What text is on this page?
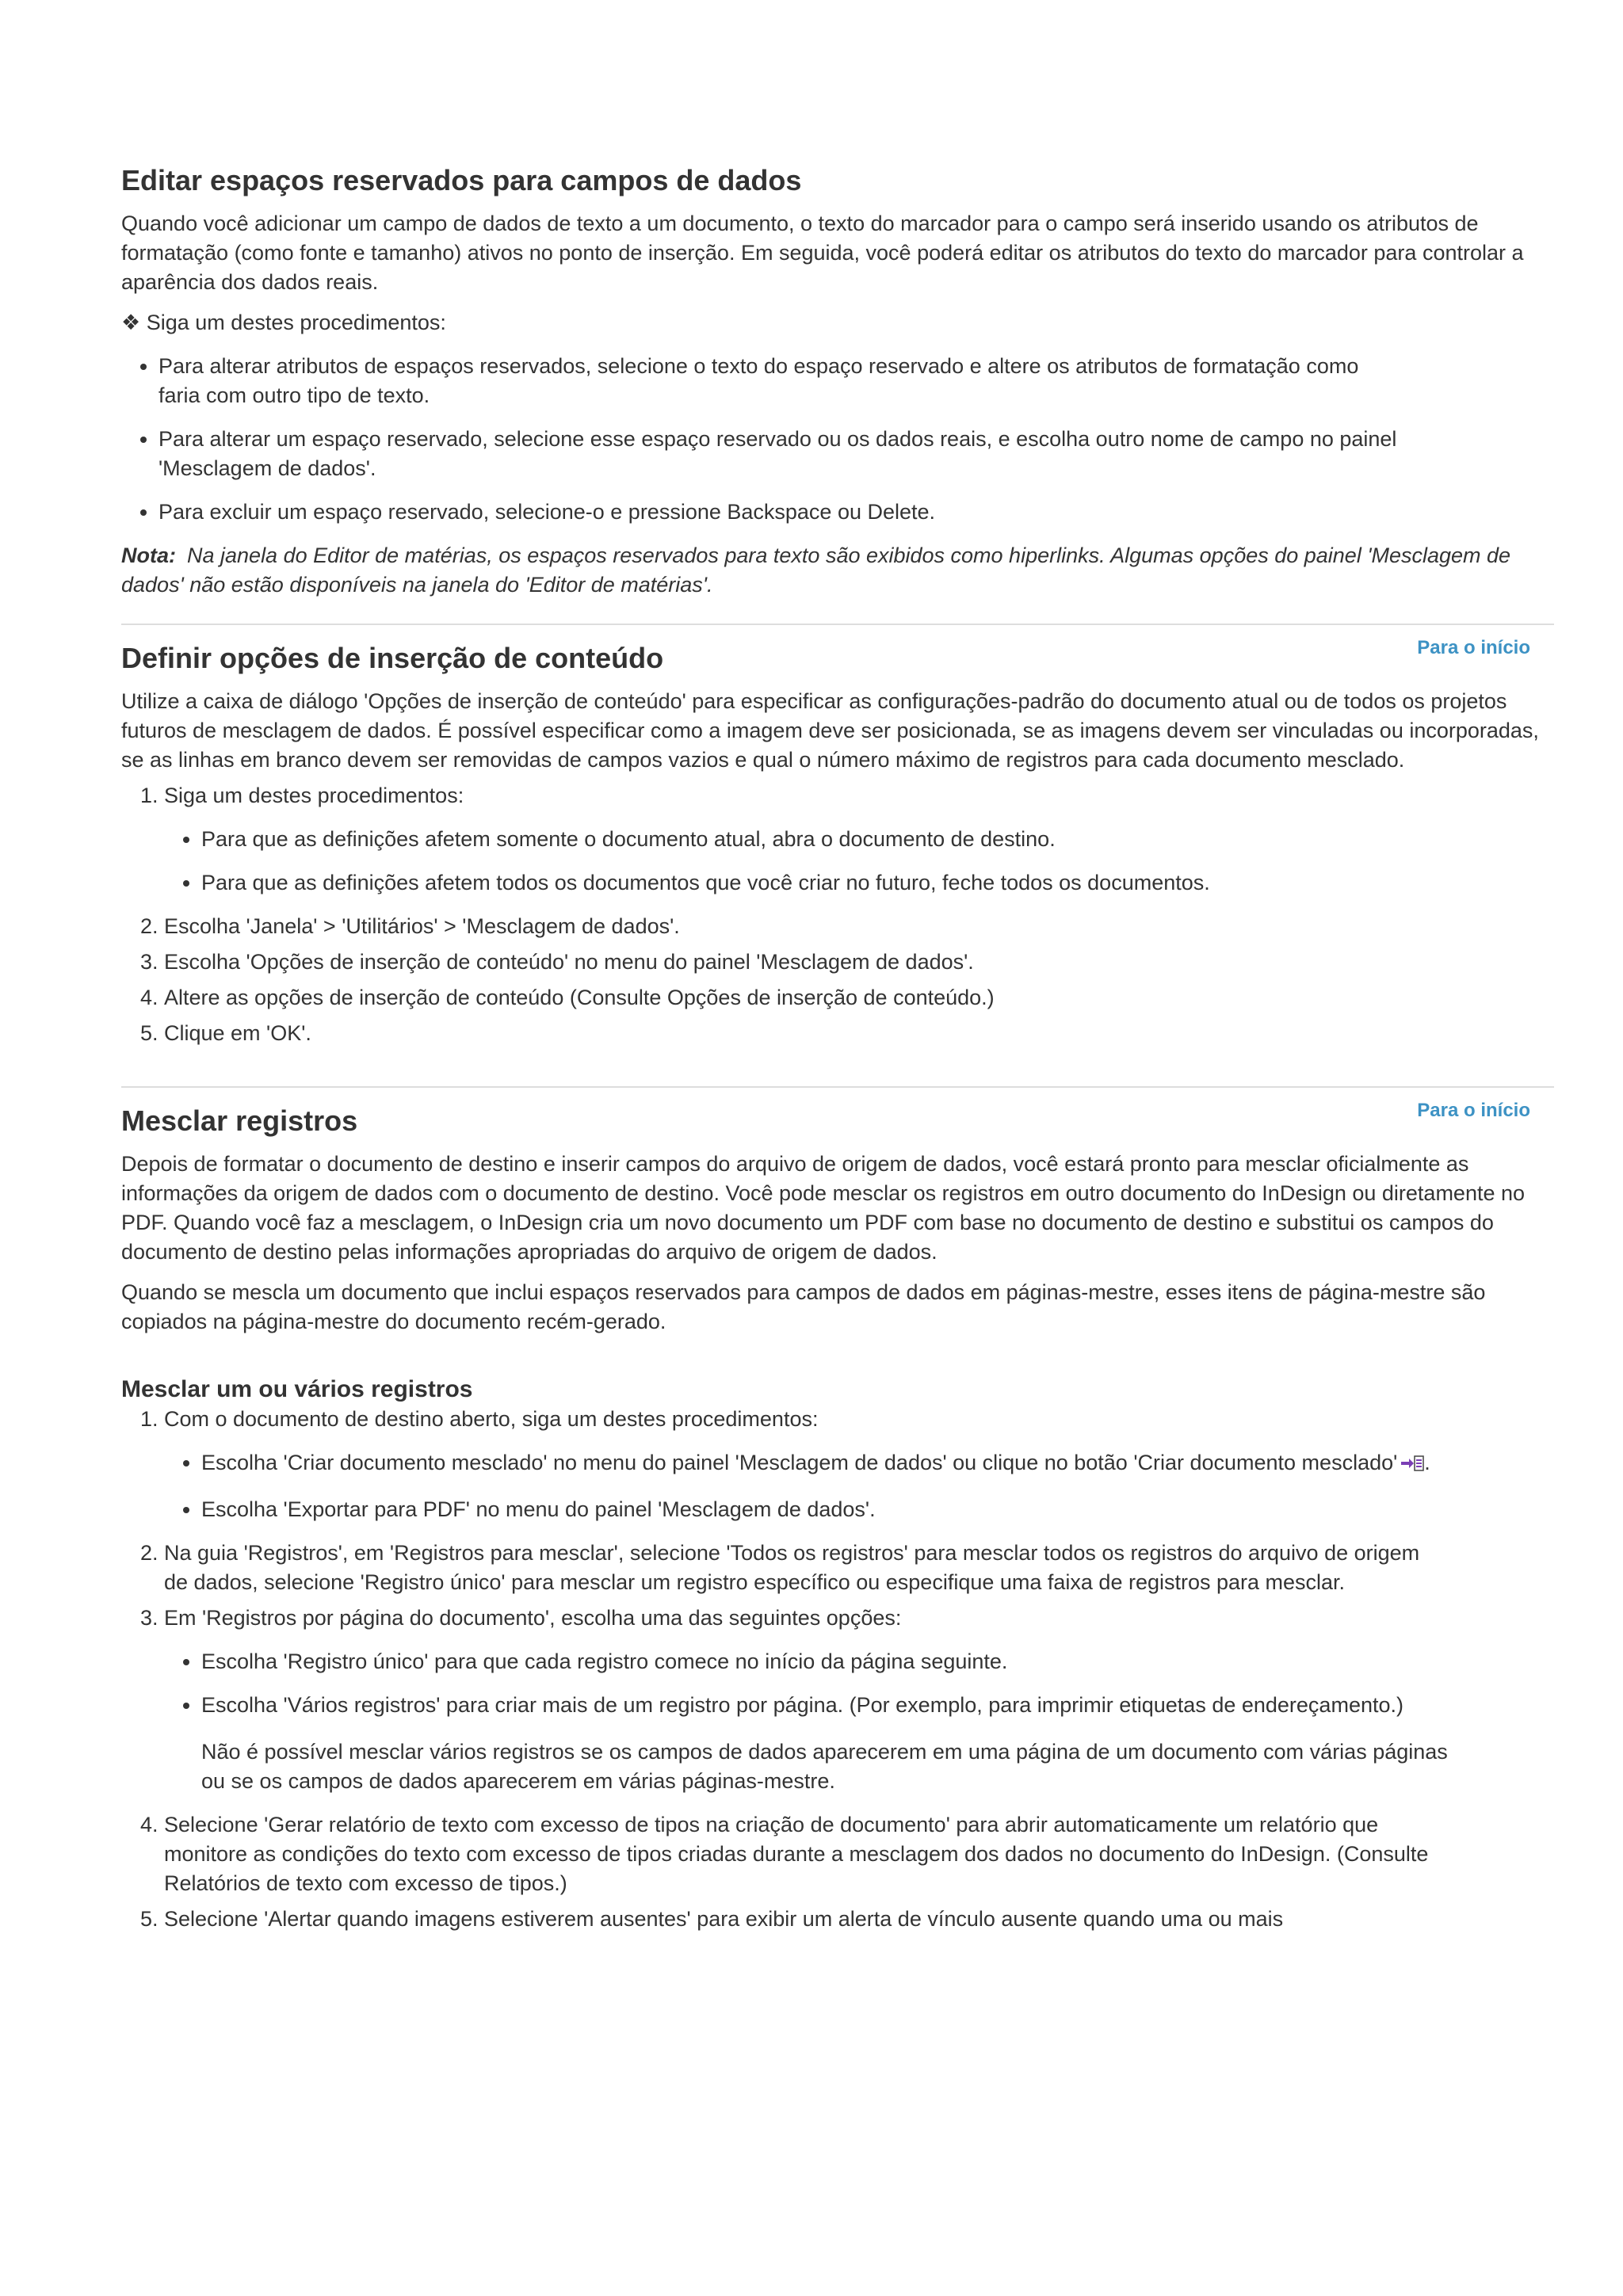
Editar espaços reservados para campos de dados

Quando você adicionar um campo de dados de texto a um documento, o texto do marcador para o campo será inserido usando os atributos de formatação (como fonte e tamanho) ativos no ponto de inserção. Em seguida, você poderá editar os atributos do texto do marcador para controlar a aparência dos dados reais.

❖ Siga um destes procedimentos:

• Para alterar atributos de espaços reservados, selecione o texto do espaço reservado e altere os atributos de formatação como faria com outro tipo de texto.
• Para alterar um espaço reservado, selecione esse espaço reservado ou os dados reais, e escolha outro nome de campo no painel 'Mesclagem de dados'.
• Para excluir um espaço reservado, selecione-o e pressione Backspace ou Delete.

Nota: Na janela do Editor de matérias, os espaços reservados para texto são exibidos como hiperlinks. Algumas opções do painel 'Mesclagem de dados' não estão disponíveis na janela do 'Editor de matérias'.

Para o início
Definir opções de inserção de conteúdo

Utilize a caixa de diálogo 'Opções de inserção de conteúdo' para especificar as configurações-padrão do documento atual ou de todos os projetos futuros de mesclagem de dados. É possível especificar como a imagem deve ser posicionada, se as imagens devem ser vinculadas ou incorporadas, se as linhas em branco devem ser removidas de campos vazios e qual o número máximo de registros para cada documento mesclado.

1. Siga um destes procedimentos:
• Para que as definições afetem somente o documento atual, abra o documento de destino.
• Para que as definições afetem todos os documentos que você criar no futuro, feche todos os documentos.
2. Escolha 'Janela' > 'Utilitários' > 'Mesclagem de dados'.
3. Escolha 'Opções de inserção de conteúdo' no menu do painel 'Mesclagem de dados'.
4. Altere as opções de inserção de conteúdo (Consulte Opções de inserção de conteúdo.)
5. Clique em 'OK'.
Para o início
Mesclar registros

Depois de formatar o documento de destino e inserir campos do arquivo de origem de dados, você estará pronto para mesclar oficialmente as informações da origem de dados com o documento de destino. Você pode mesclar os registros em outro documento do InDesign ou diretamente no PDF. Quando você faz a mesclagem, o InDesign cria um novo documento um PDF com base no documento de destino e substitui os campos do documento de destino pelas informações apropriadas do arquivo de origem de dados.

Quando se mescla um documento que inclui espaços reservados para campos de dados em páginas-mestre, esses itens de página-mestre são copiados na página-mestre do documento recém-gerado.

Mesclar um ou vários registros
1. Com o documento de destino aberto, siga um destes procedimentos:
• Escolha 'Criar documento mesclado' no menu do painel 'Mesclagem de dados' ou clique no botão 'Criar documento mesclado' .
• Escolha 'Exportar para PDF' no menu do painel 'Mesclagem de dados'.
2. Na guia 'Registros', em 'Registros para mesclar', selecione 'Todos os registros' para mesclar todos os registros do arquivo de origem de dados, selecione 'Registro único' para mesclar um registro específico ou especifique uma faixa de registros para mesclar.
3. Em 'Registros por página do documento', escolha uma das seguintes opções:
• Escolha 'Registro único' para que cada registro comece no início da página seguinte.
• Escolha 'Vários registros' para criar mais de um registro por página. (Por exemplo, para imprimir etiquetas de endereçamento.)

Não é possível mesclar vários registros se os campos de dados aparecerem em uma página de um documento com várias páginas ou se os campos de dados aparecerem em várias páginas-mestre.

4. Selecione 'Gerar relatório de texto com excesso de tipos na criação de documento' para abrir automaticamente um relatório que monitore as condições do texto com excesso de tipos criadas durante a mesclagem dos dados no documento do InDesign. (Consulte Relatórios de texto com excesso de tipos.)
5. Selecione 'Alertar quando imagens estiverem ausentes' para exibir um alerta de vínculo ausente quando uma ou mais
